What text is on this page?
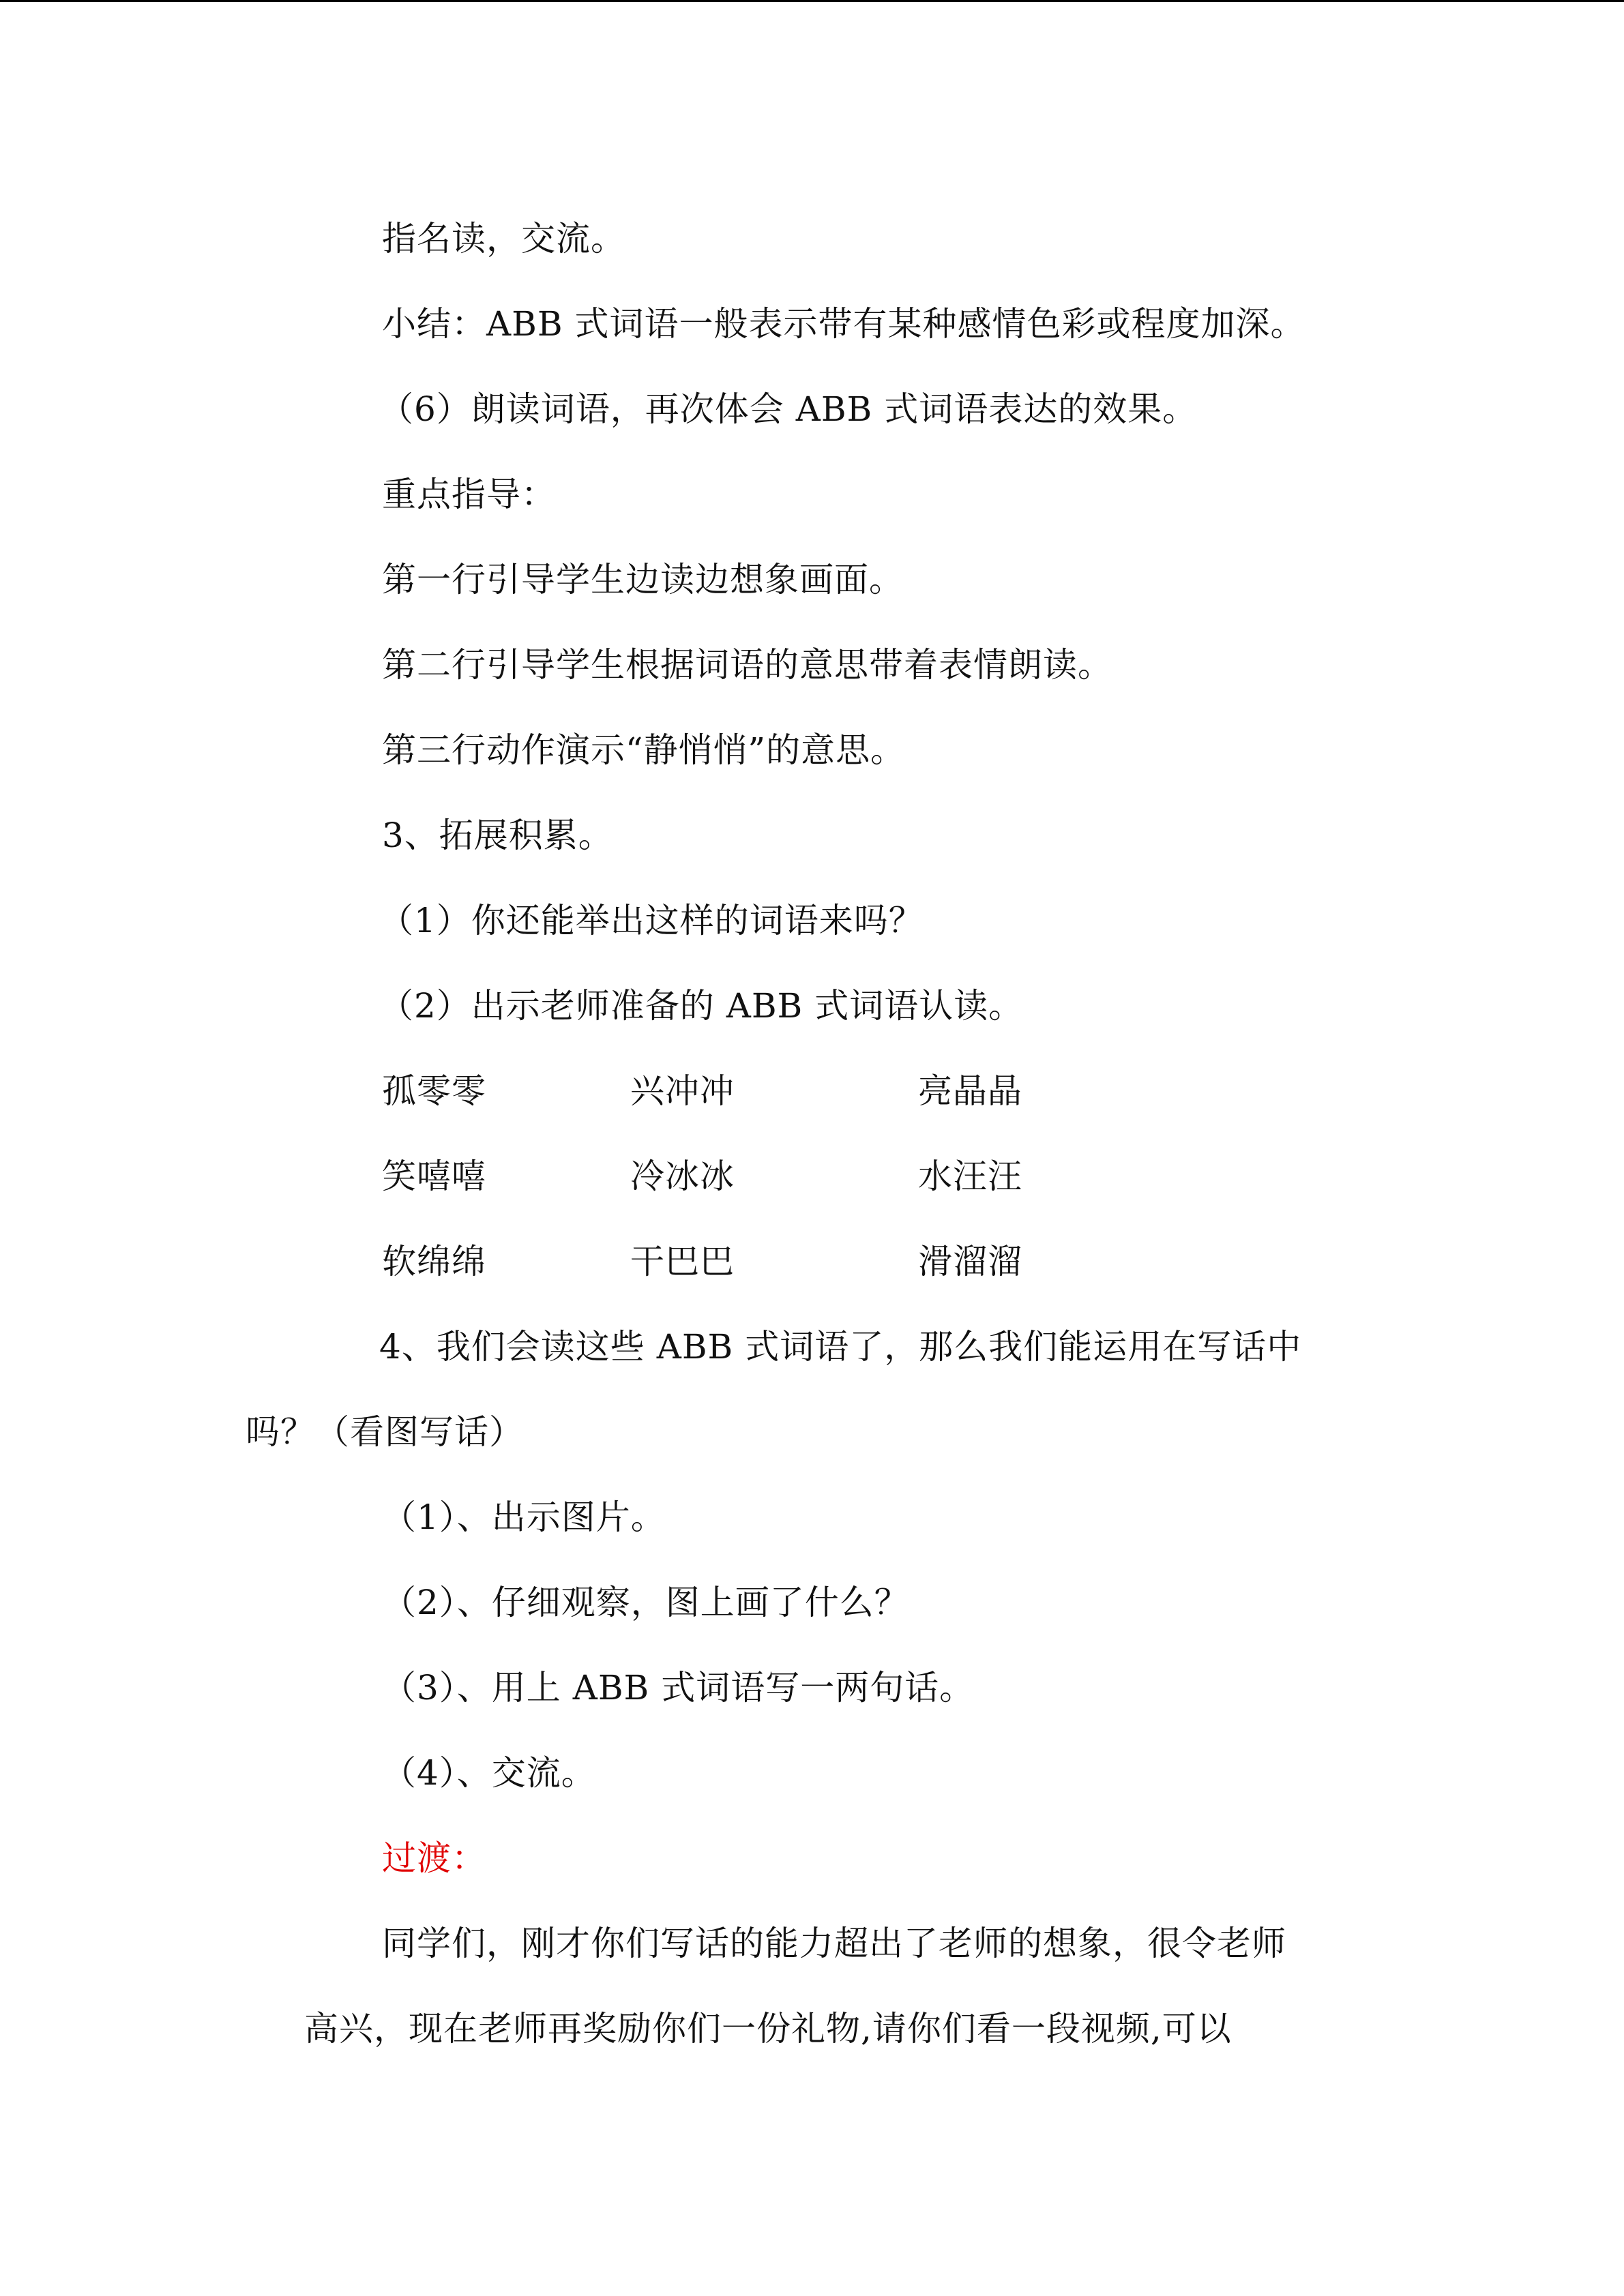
指名读，交流。

小结：ABB 式词语一般表示带有某种感情色彩或程度加深。

（6）朗读词语，再次体会 ABB 式词语表达的效果。

重点指导：

第一行引导学生边读边想象画面。

第二行引导学生根据词语的意思带着表情朗读。

第三行动作演示“静悄悄”的意思。

3、拓展积累。

（1）你还能举出这样的词语来吗？

（2）出示老师准备的 ABB 式词语认读。

孤零零	兴冲冲	亮晶晶

笑嘻嘻	冷冰冰	水汪汪

软绵绵	干巴巴	滑溜溜

4、我们会读这些 ABB 式词语了，那么我们能运用在写话中

吗？（看图写话）

（1）、出示图片。

（2）、仔细观察，图上画了什么？

（3）、用上 ABB 式词语写一两句话。

（4）、交流。

过渡：

同学们，刚才你们写话的能力超出了老师的想象，很令老师

高兴，现在老师再奖励你们一份礼物,请你们看一段视频,可以
